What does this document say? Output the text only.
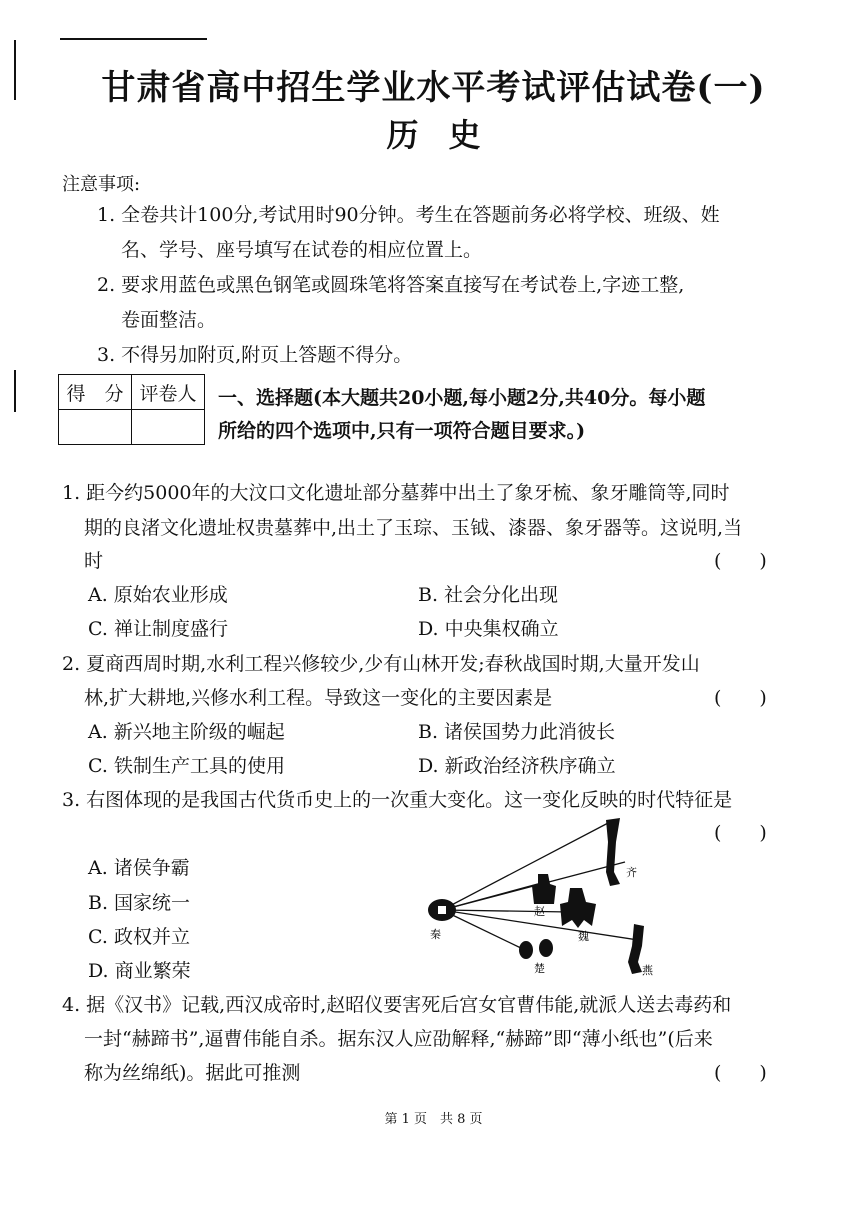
甘肃省高中招生学业水平考试评估试卷(一)
历史
注意事项:
1. 全卷共计100分,考试用时90分钟。考生在答题前务必将学校、班级、姓
名、学号、座号填写在试卷的相应位置上。
2. 要求用蓝色或黑色钢笔或圆珠笔将答案直接写在考试卷上,字迹工整,
卷面整洁。
3. 不得另加附页,附页上答题不得分。
得　分	评卷人
	一、选择题(本大题共20小题,每小题2分,共40分。每小题
所给的四个选项中,只有一项符合题目要求。)
1. 距今约5000年的大汶口文化遗址部分墓葬中出土了象牙梳、象牙雕筒等,同时
期的良渚文化遗址权贵墓葬中,出土了玉琮、玉钺、漆器、象牙器等。这说明,当
时	(　　)
A. 原始农业形成	B. 社会分化出现
C. 禅让制度盛行	D. 中央集权确立
2. 夏商西周时期,水利工程兴修较少,少有山林开发;春秋战国时期,大量开发山
林,扩大耕地,兴修水利工程。导致这一变化的主要因素是	(　　)
A. 新兴地主阶级的崛起	B. 诸侯国势力此消彼长
C. 铁制生产工具的使用	D. 新政治经济秩序确立
3. 右图体现的是我国古代货币史上的一次重大变化。这一变化反映的时代特征是
(　　)
A. 诸侯争霸
B. 国家统一
C. 政权并立
D. 商业繁荣
秦
赵
魏
楚	燕
齐
4. 据《汉书》记载,西汉成帝时,赵昭仪要害死后宫女官曹伟能,就派人送去毒药和
一封“赫蹄书”,逼曹伟能自杀。据东汉人应劭解释,“赫蹄”即“薄小纸也”(后来
称为丝绵纸)。据此可推测	(　　)
第 1 页　共 8 页
